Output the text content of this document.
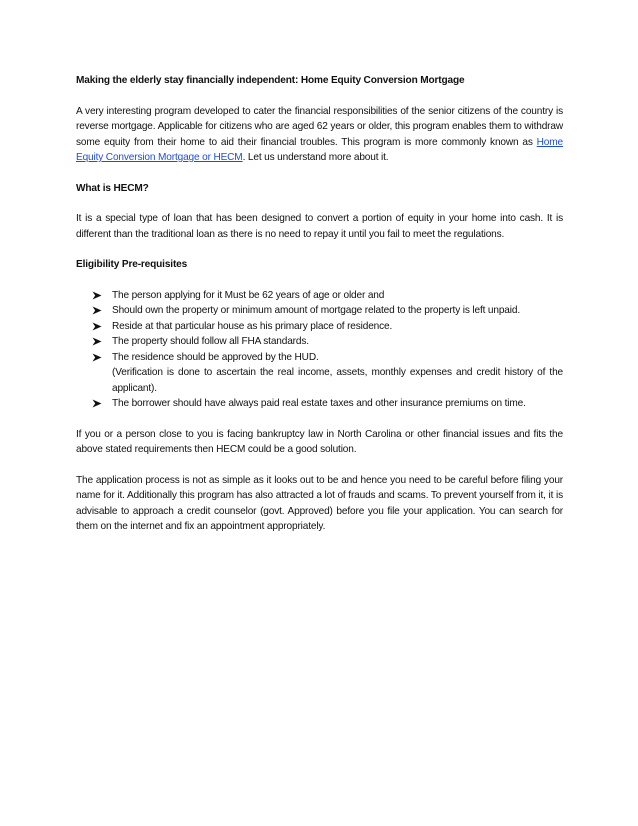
Making the elderly stay financially independent: Home Equity Conversion Mortgage

A very interesting program developed to cater the financial responsibilities of the senior citizens of the country is reverse mortgage. Applicable for citizens who are aged 62 years or older, this program enables them to withdraw some equity from their home to aid their financial troubles. This program is more commonly known as Home Equity Conversion Mortgage or HECM. Let us understand more about it.

What is HECM?

It is a special type of loan that has been designed to convert a portion of equity in your home into cash. It is different than the traditional loan as there is no need to repay it until you fail to meet the regulations.

Eligibility Pre-requisites

The person applying for it Must be 62 years of age or older and
Should own the property or minimum amount of mortgage related to the property is left unpaid.
Reside at that particular house as his primary place of residence.
The property should follow all FHA standards.
The residence should be approved by the HUD.
(Verification is done to ascertain the real income, assets, monthly expenses and credit history of the applicant).
The borrower should have always paid real estate taxes and other insurance premiums on time.

If you or a person close to you is facing bankruptcy law in North Carolina or other financial issues and fits the above stated requirements then HECM could be a good solution.

The application process is not as simple as it looks out to be and hence you need to be careful before filing your name for it. Additionally this program has also attracted a lot of frauds and scams. To prevent yourself from it, it is advisable to approach a credit counselor (govt. Approved) before you file your application. You can search for them on the internet and fix an appointment appropriately.
